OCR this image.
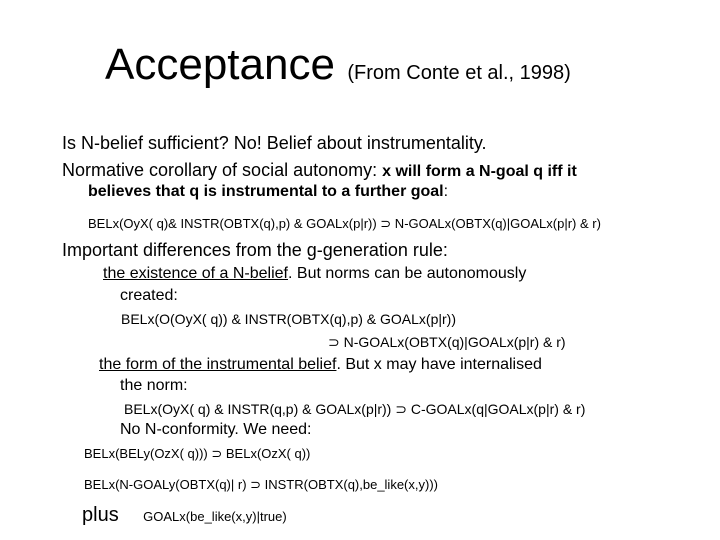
Acceptance (From Conte et al., 1998)
Is N-belief sufficient? No! Belief about instrumentality.
Normative corollary of social autonomy: x will form a N-goal q iff it
believes that q is instrumental to a further goal:
BELx(OyX( q)& INSTR(OBTX(q),p) & GOALx(p|r)) ⊃ N-GOALx(OBTX(q)|GOALx(p|r) & r)
Important differences from the g-generation rule:
the existence of a N-belief. But norms can be autonomously
created:
BELx(O(OyX( q)) & INSTR(OBTX(q),p) & GOALx(p|r))
⊃ N-GOALx(OBTX(q)|GOALx(p|r) & r)
the form of the instrumental belief. But x may have internalised
the norm:
BELx(OyX( q) & INSTR(q,p) & GOALx(p|r)) ⊃ C-GOALx(q|GOALx(p|r) & r)
No N-conformity. We need:
BELx(BELy(OzX( q))) ⊃ BELx(OzX( q))
BELx(N-GOALy(OBTX(q)| r) ⊃ INSTR(OBTX(q),be_like(x,y)))
plus GOALx(be_like(x,y)|true)
